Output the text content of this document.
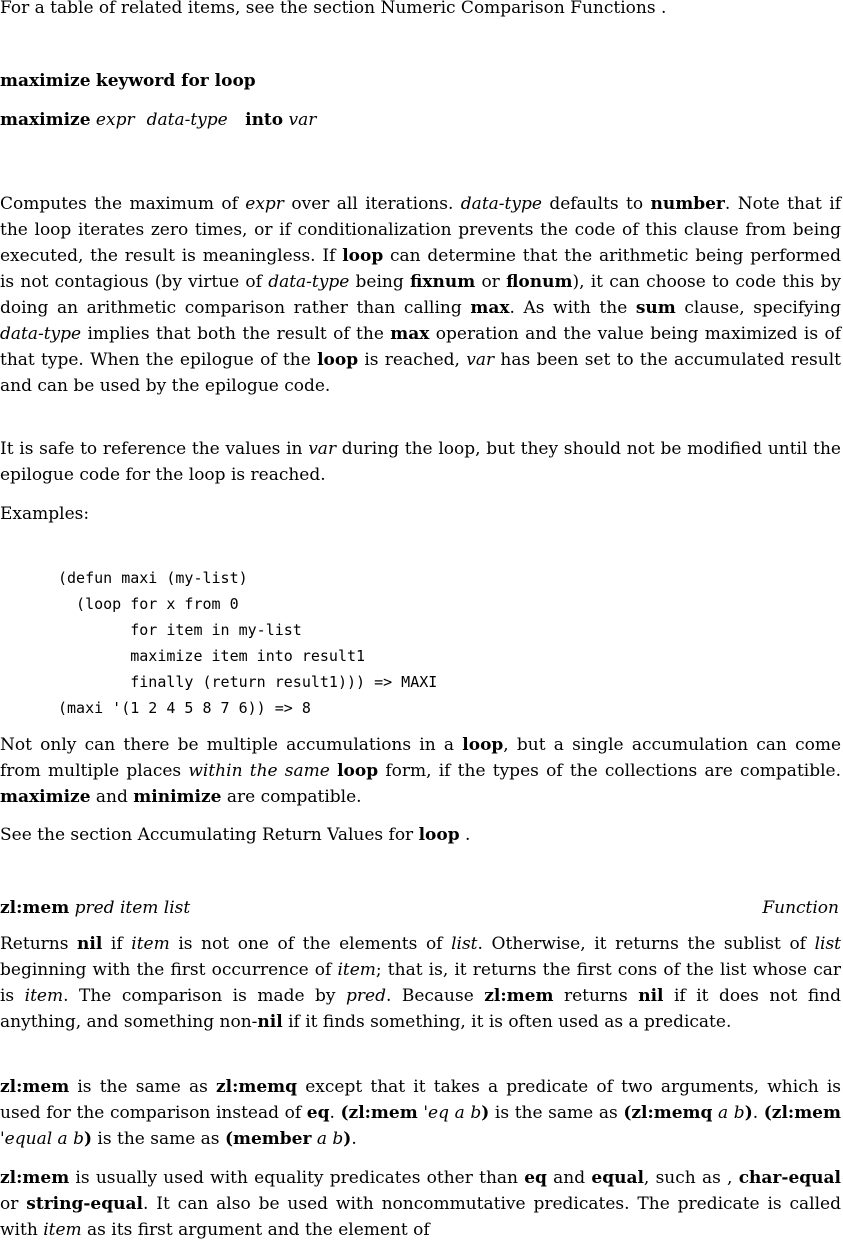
For a table of related items, see the section Numeric Comparison Functions .

maximize keyword for loop

maximize expr data-type into var

Computes the maximum of expr over all iterations. data-type defaults to number. Note that if the loop iterates zero times, or if conditionalization prevents the code of this clause from being executed, the result is meaningless. If loop can determine that the arithmetic being performed is not contagious (by virtue of data-type being fixnum or flonum), it can choose to code this by doing an arithmetic comparison rather than calling max. As with the sum clause, specifying data-type implies that both the result of the max operation and the value being maximized is of that type. When the epilogue of the loop is reached, var has been set to the accumulated result and can be used by the epilogue code.

It is safe to reference the values in var during the loop, but they should not be modified until the epilogue code for the loop is reached.

Examples:

(defun maxi (my-list)
(loop for x from 0
for item in my-list
maximize item into result1
finally (return result1))) => MAXI
(maxi '(1 2 4 5 8 7 6)) => 8

Not only can there be multiple accumulations in a loop, but a single accumulation can come from multiple places within the same loop form, if the types of the collections are compatible. maximize and minimize are compatible.

See the section Accumulating Return Values for loop .

zl:mem pred item list	Function

Returns nil if item is not one of the elements of list. Otherwise, it returns the sublist of list beginning with the first occurrence of item; that is, it returns the first cons of the list whose car is item. The comparison is made by pred. Because zl:mem returns nil if it does not find anything, and something non-nil if it finds something, it is often used as a predicate.

zl:mem is the same as zl:memq except that it takes a predicate of two arguments, which is used for the comparison instead of eq. (zl:mem 'eq a b) is the same as (zl:memq a b). (zl:mem 'equal a b) is the same as (member a b).

zl:mem is usually used with equality predicates other than eq and equal, such as , char-equal or string-equal. It can also be used with noncommutative predicates. The predicate is called with item as its first argument and the element of
